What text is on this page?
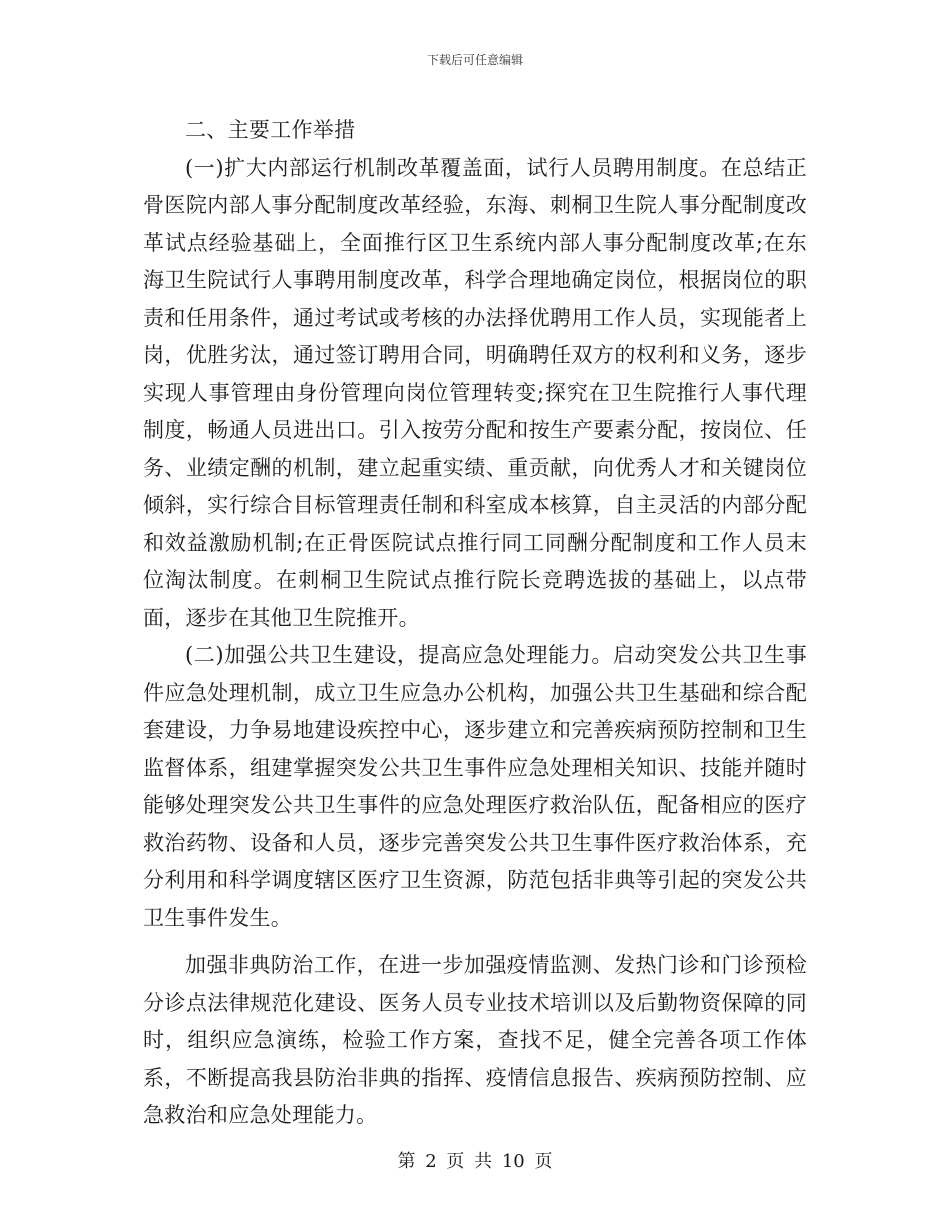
下载后可任意编辑

二、主要工作举措

(一)扩大内部运行机制改革覆盖面，试行人员聘用制度。在总结正骨医院内部人事分配制度改革经验，东海、刺桐卫生院人事分配制度改革试点经验基础上，全面推行区卫生系统内部人事分配制度改革;在东海卫生院试行人事聘用制度改革，科学合理地确定岗位，根据岗位的职责和任用条件，通过考试或考核的办法择优聘用工作人员，实现能者上岗，优胜劣汰，通过签订聘用合同，明确聘任双方的权利和义务，逐步实现人事管理由身份管理向岗位管理转变;探究在卫生院推行人事代理制度，畅通人员进出口。引入按劳分配和按生产要素分配，按岗位、任务、业绩定酬的机制，建立起重实绩、重贡献，向优秀人才和关键岗位倾斜，实行综合目标管理责任制和科室成本核算，自主灵活的内部分配和效益激励机制;在正骨医院试点推行同工同酬分配制度和工作人员末位淘汰制度。在刺桐卫生院试点推行院长竞聘选拔的基础上，以点带面，逐步在其他卫生院推开。

(二)加强公共卫生建设，提高应急处理能力。启动突发公共卫生事件应急处理机制，成立卫生应急办公机构，加强公共卫生基础和综合配套建设，力争易地建设疾控中心，逐步建立和完善疾病预防控制和卫生监督体系，组建掌握突发公共卫生事件应急处理相关知识、技能并随时能够处理突发公共卫生事件的应急处理医疗救治队伍，配备相应的医疗救治药物、设备和人员，逐步完善突发公共卫生事件医疗救治体系，充分利用和科学调度辖区医疗卫生资源，防范包括非典等引起的突发公共卫生事件发生。

加强非典防治工作，在进一步加强疫情监测、发热门诊和门诊预检分诊点法律规范化建设、医务人员专业技术培训以及后勤物资保障的同时，组织应急演练，检验工作方案，查找不足，健全完善各项工作体系，不断提高我县防治非典的指挥、疫情信息报告、疾病预防控制、应急救治和应急处理能力。

第 2 页 共 10 页
